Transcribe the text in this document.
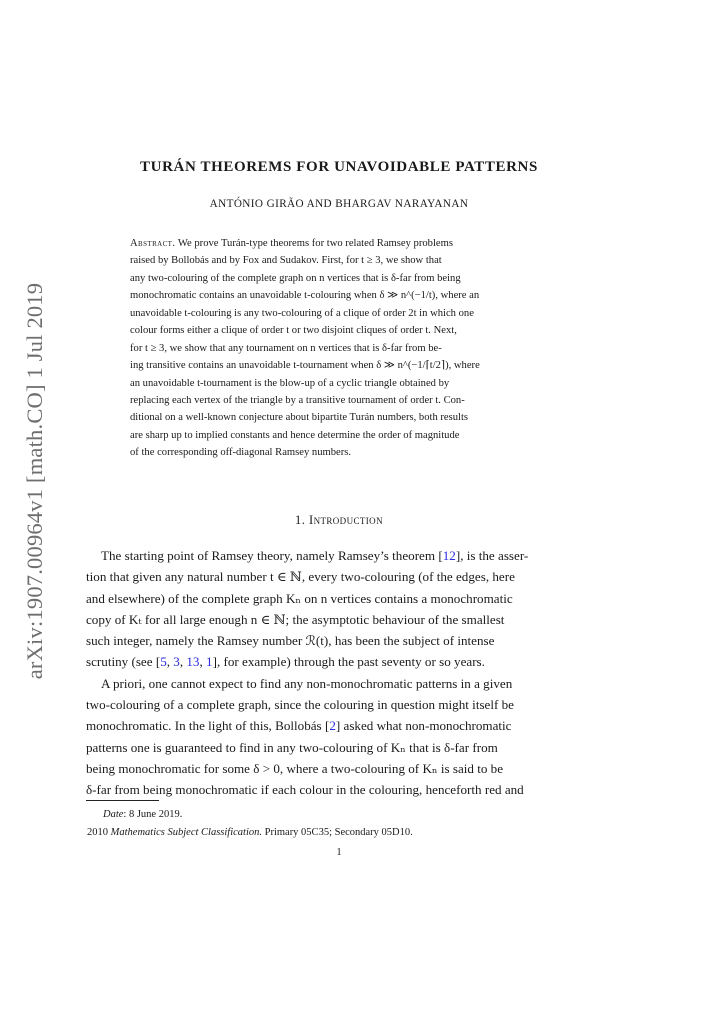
arXiv:1907.00964v1 [math.CO] 1 Jul 2019
TURÁN THEOREMS FOR UNAVOIDABLE PATTERNS
ANTÓNIO GIRÃO AND BHARGAV NARAYANAN
Abstract. We prove Turán-type theorems for two related Ramsey problems
raised by Bollobás and by Fox and Sudakov. First, for t ≥ 3, we show that
any two-colouring of the complete graph on n vertices that is δ-far from being
monochromatic contains an unavoidable t-colouring when δ ≫ n^(−1/t), where an
unavoidable t-colouring is any two-colouring of a clique of order 2t in which one
colour forms either a clique of order t or two disjoint cliques of order t. Next,
for t ≥ 3, we show that any tournament on n vertices that is δ-far from be-
ing transitive contains an unavoidable t-tournament when δ ≫ n^(−1/⌈t/2⌉), where
an unavoidable t-tournament is the blow-up of a cyclic triangle obtained by
replacing each vertex of the triangle by a transitive tournament of order t. Con-
ditional on a well-known conjecture about bipartite Turán numbers, both results
are sharp up to implied constants and hence determine the order of magnitude
of the corresponding off-diagonal Ramsey numbers.
1. Introduction
The starting point of Ramsey theory, namely Ramsey’s theorem [12], is the asser-
tion that given any natural number t ∈ ℕ, every two-colouring (of the edges, here
and elsewhere) of the complete graph Kₙ on n vertices contains a monochromatic
copy of Kₜ for all large enough n ∈ ℕ; the asymptotic behaviour of the smallest
such integer, namely the Ramsey number ℛ(t), has been the subject of intense
scrutiny (see [5, 3, 13, 1], for example) through the past seventy or so years.
A priori, one cannot expect to find any non-monochromatic patterns in a given
two-colouring of a complete graph, since the colouring in question might itself be
monochromatic. In the light of this, Bollobás [2] asked what non-monochromatic
patterns one is guaranteed to find in any two-colouring of Kₙ that is δ-far from
being monochromatic for some δ > 0, where a two-colouring of Kₙ is said to be
δ-far from being monochromatic if each colour in the colouring, henceforth red and
Date: 8 June 2019.
2010 Mathematics Subject Classification. Primary 05C35; Secondary 05D10.
1
